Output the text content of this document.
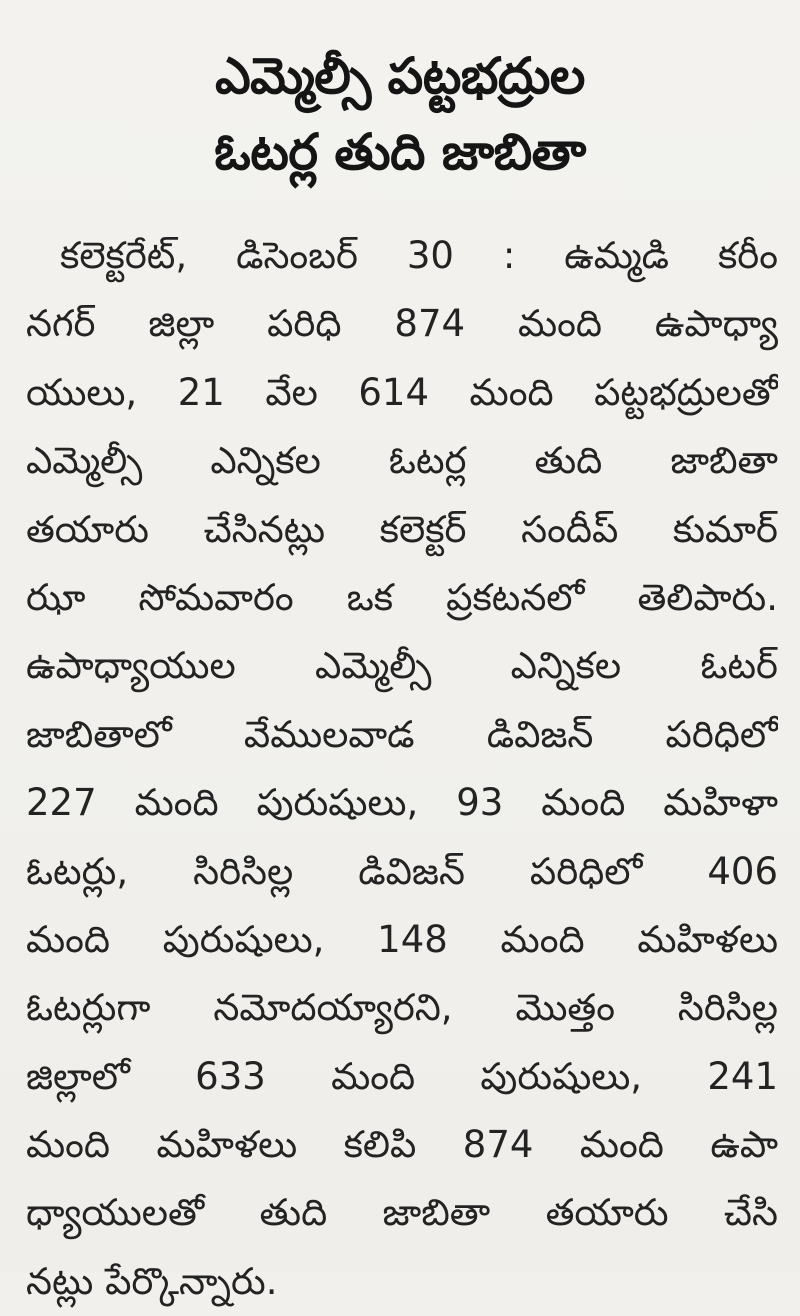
ఎమ్మెల్సీ పట్టభద్రుల
ఓటర్ల తుది జాబితా
కలెక్టరేట్, డిసెంబర్ 30 : ఉమ్మడి కరీం
నగర్ జిల్లా పరిధి 874 మంది ఉపాధ్యా
యులు, 21 వేల 614 మంది పట్టభద్రులతో
ఎమ్మెల్సీ ఎన్నికల ఓటర్ల తుది జాబితా
తయారు చేసినట్లు కలెక్టర్ సందీప్ కుమార్
ఝా సోమవారం ఒక ప్రకటనలో తెలిపారు.
ఉపాధ్యాయుల ఎమ్మెల్సీ ఎన్నికల ఓటర్
జాబితాలో వేములవాడ డివిజన్ పరిధిలో
227 మంది పురుషులు, 93 మంది మహిళా
ఓటర్లు, సిరిసిల్ల డివిజన్ పరిధిలో 406
మంది పురుషులు, 148 మంది మహిళలు
ఓటర్లుగా నమోదయ్యారని, మొత్తం సిరిసిల్ల
జిల్లాలో 633 మంది పురుషులు, 241
మంది మహిళలు కలిపి 874 మంది ఉపా
ధ్యాయులతో తుది జాబితా తయారు చేసి
నట్లు పేర్కొన్నారు.
